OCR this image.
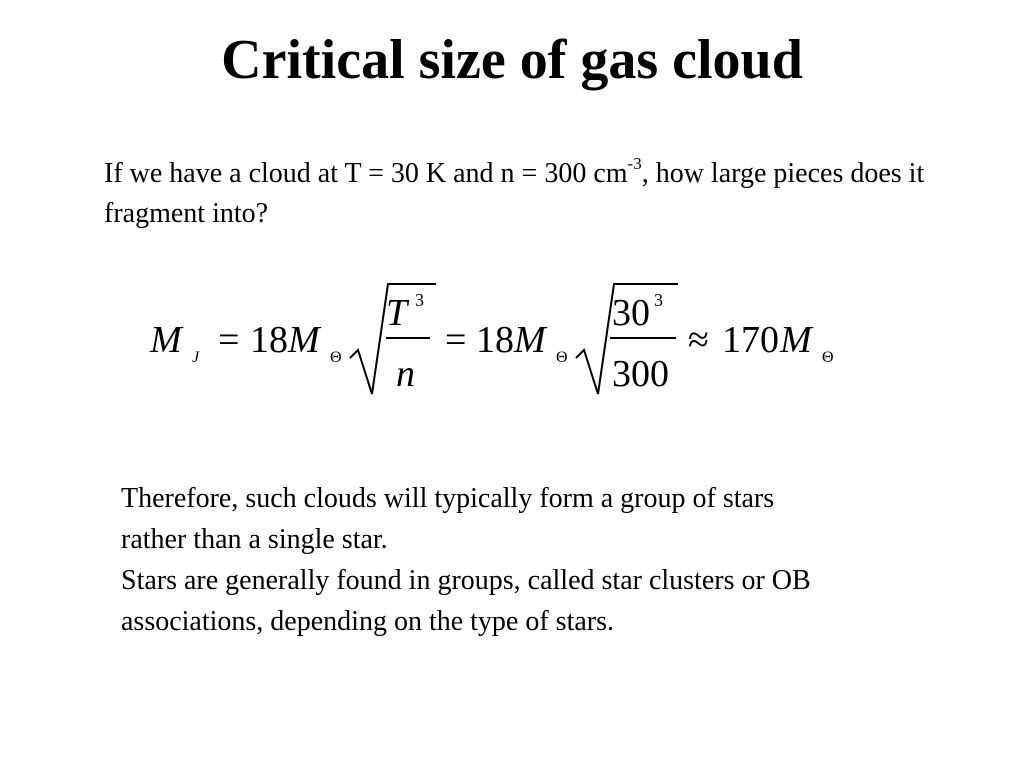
Critical size of gas cloud
If we have a cloud at T = 30 K and n = 300 $cm^{-3}$, how large pieces does it fragment into?
M J = 18 M Θ
T 3
n
= 18 M Θ
30 3
300
≈ 170 M Θ

Therefore, such clouds will typically form a group of stars rather than a single star.

Stars are generally found in groups, called star clusters or OB associations, depending on the type of stars.
